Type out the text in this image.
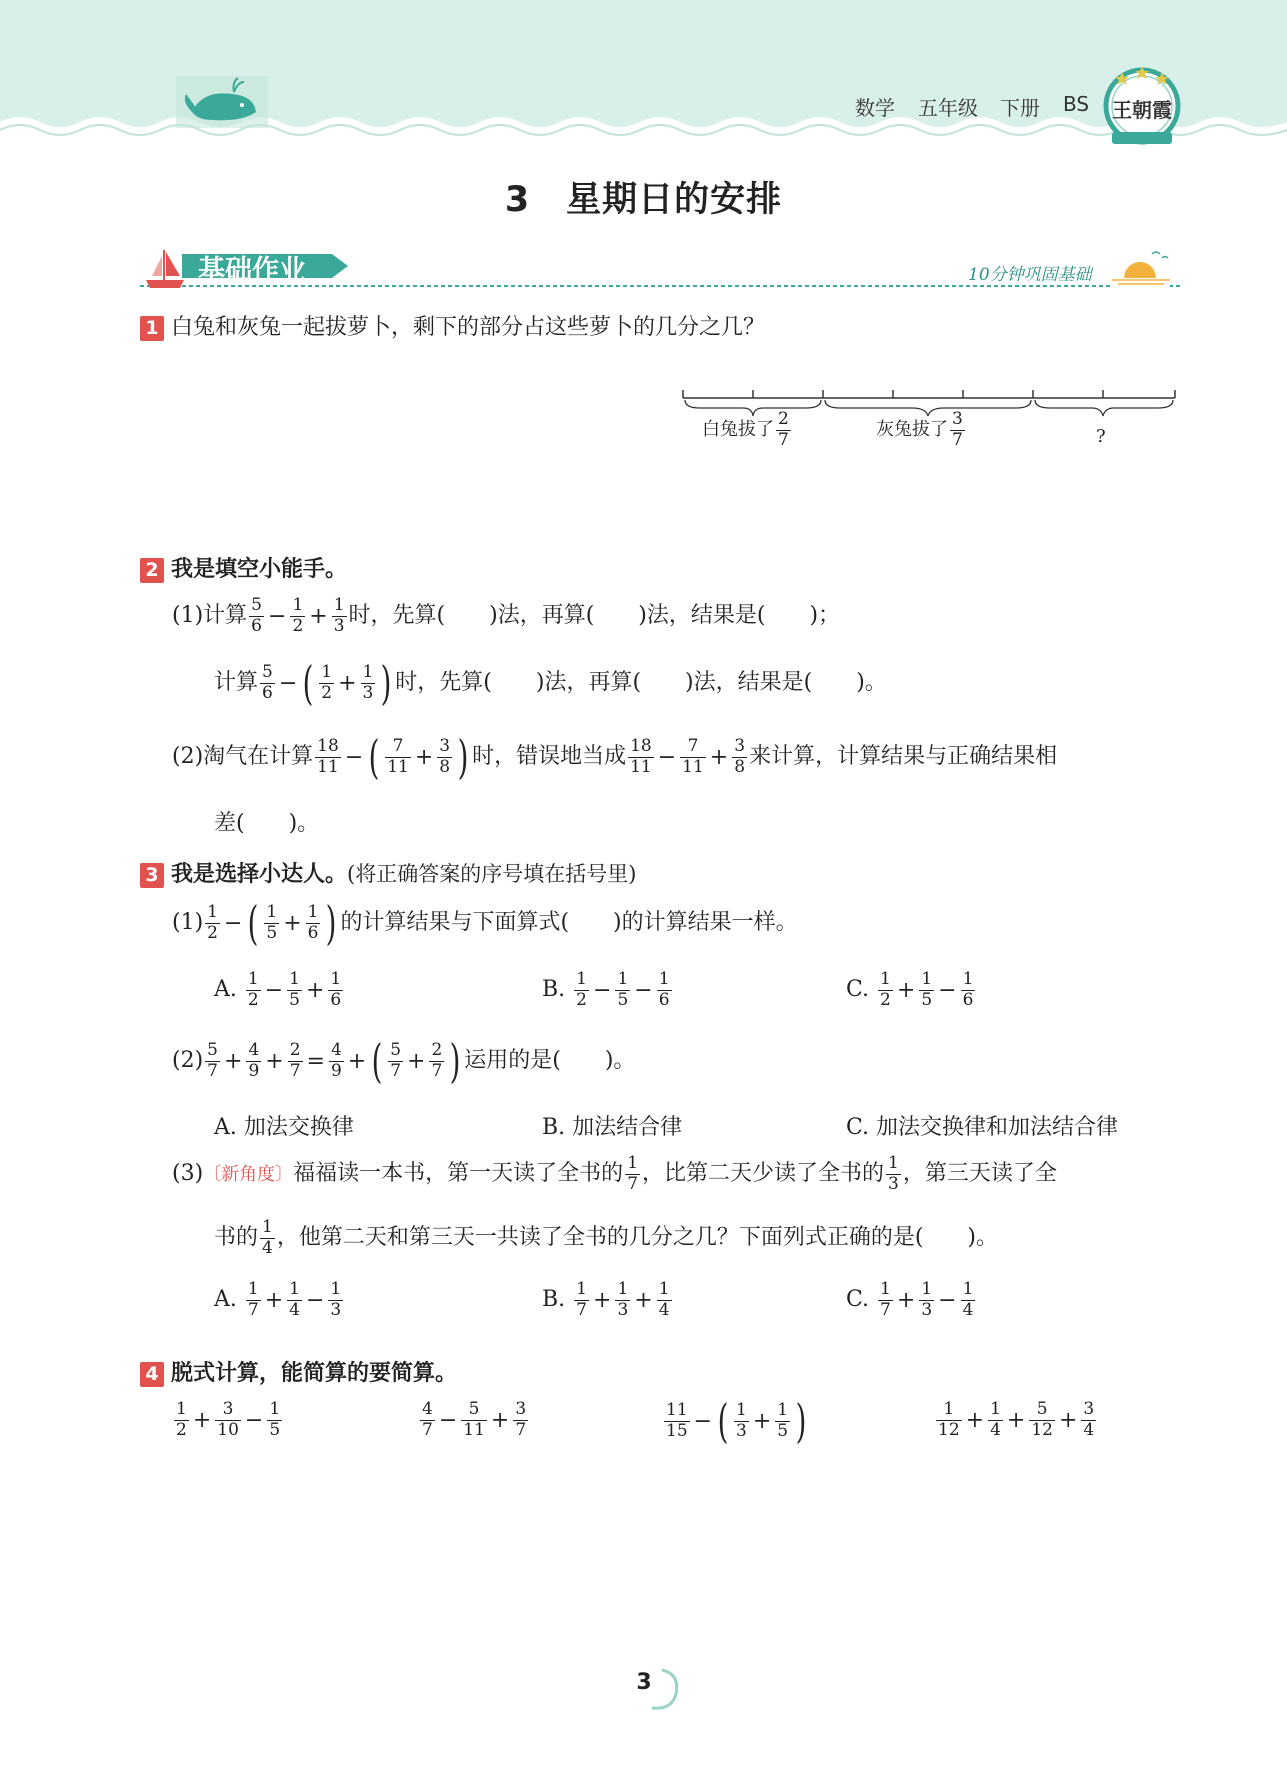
数学 五年级 下册 BS 王朝霞
3　星期日的安排
基础作业	10分钟巩固基础
1 白兔和灰兔一起拔萝卜，剩下的部分占这些萝卜的几分之几？
白兔拔了 $\frac{2}{7}$	灰兔拔了 $\frac{3}{7}$	?
2 我是填空小能手。
(1)计算 $\frac{5}{6} - \frac{1}{2} + \frac{1}{3}$ 时，先算(　　)法，再算(　　)法，结果是(　　)；
计算 $\frac{5}{6}$ − ( $\frac{1}{2} + \frac{1}{3}$ ) 时，先算(　　)法，再算(　　)法，结果是(　　)。
(2)淘气在计算 $\frac{18}{11}$ − ( $\frac{7}{11} + \frac{3}{8}$ ) 时，错误地当成 $\frac{18}{11} - \frac{7}{11} + \frac{3}{8}$ 来计算，计算结果与正确结果相
差(　　)。
3 我是选择小达人。(将正确答案的序号填在括号里)
$(1) \frac{1}{2}$ − ( $\frac{1}{5} + \frac{1}{6}$ ) 的计算结果与下面算式(　　)的计算结果一样。
A. $\frac{1}{2} - \frac{1}{5} + \frac{1}{6}$	B. $\frac{1}{2} - \frac{1}{5} - \frac{1}{6}$	C. $\frac{1}{2} + \frac{1}{5} - \frac{1}{6}$
$(2) \frac{5}{7} + \frac{4}{9} + \frac{2}{7} = \frac{4}{9}$ + ( $\frac{5}{7} + \frac{2}{7}$ ) 运用的是(　　)。
A. 加法交换律	B. 加法结合律	C. 加法交换律和加法结合律
(3)〔新角度〕福福读一本书，第一天读了全书的 $\frac{1}{7}$ ，比第二天少读了全书的 $\frac{1}{3}$ ，第三天读了全
书的 $\frac{1}{4}$ ，他第二天和第三天一共读了全书的几分之几？下面列式正确的是(　　)。
A. $\frac{1}{7} + \frac{1}{4} - \frac{1}{3}$	B. $\frac{1}{7} + \frac{1}{3} + \frac{1}{4}$	C. $\frac{1}{7} + \frac{1}{3} - \frac{1}{4}$
4 脱式计算，能简算的要简算。
$\frac{1}{2} + \frac{3}{10} - \frac{1}{5}$	$\frac{4}{7} - \frac{5}{11} + \frac{3}{7}$	$\frac{11}{15}$ − ( $\frac{1}{3} + \frac{1}{5}$ )	$\frac{1}{12} + \frac{1}{4} + \frac{5}{12} + \frac{3}{4}$
3
